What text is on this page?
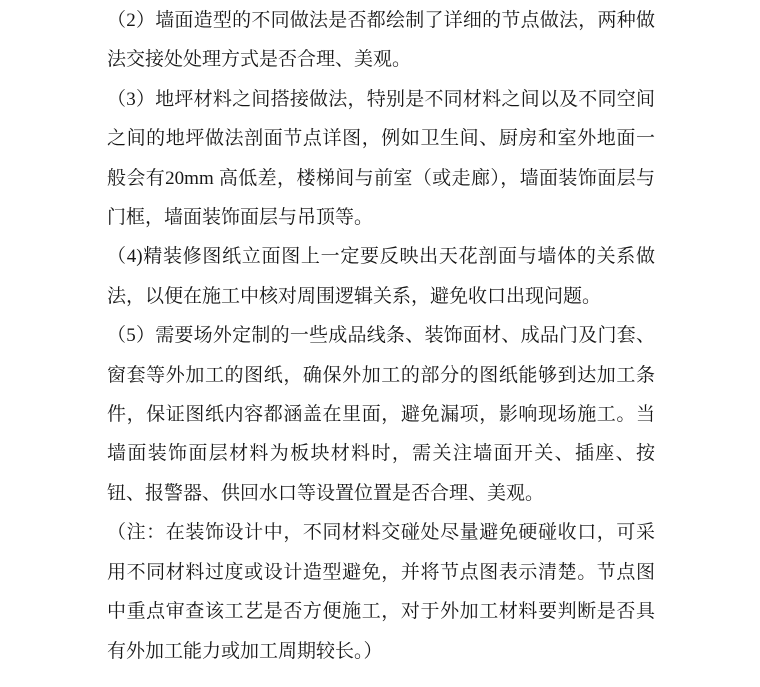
（2）墙面造型的不同做法是否都绘制了详细的节点做法，两种做法交接处处理方式是否合理、美观。

（3）地坪材料之间搭接做法，特别是不同材料之间以及不同空间之间的地坪做法剖面节点详图，例如卫生间、厨房和室外地面一般会有20mm 高低差，楼梯间与前室（或走廊），墙面装饰面层与门框，墙面装饰面层与吊顶等。

（4)精装修图纸立面图上一定要反映出天花剖面与墙体的关系做法，以便在施工中核对周围逻辑关系，避免收口出现问题。

（5）需要场外定制的一些成品线条、装饰面材、成品门及门套、窗套等外加工的图纸，确保外加工的部分的图纸能够到达加工条件，保证图纸内容都涵盖在里面，避免漏项，影响现场施工。当墙面装饰面层材料为板块材料时，需关注墙面开关、插座、按钮、报警器、供回水口等设置位置是否合理、美观。

（注：在装饰设计中，不同材料交碰处尽量避免硬碰收口，可采用不同材料过度或设计造型避免，并将节点图表示清楚。节点图中重点审查该工艺是否方便施工，对于外加工材料要判断是否具有外加工能力或加工周期较长。）
